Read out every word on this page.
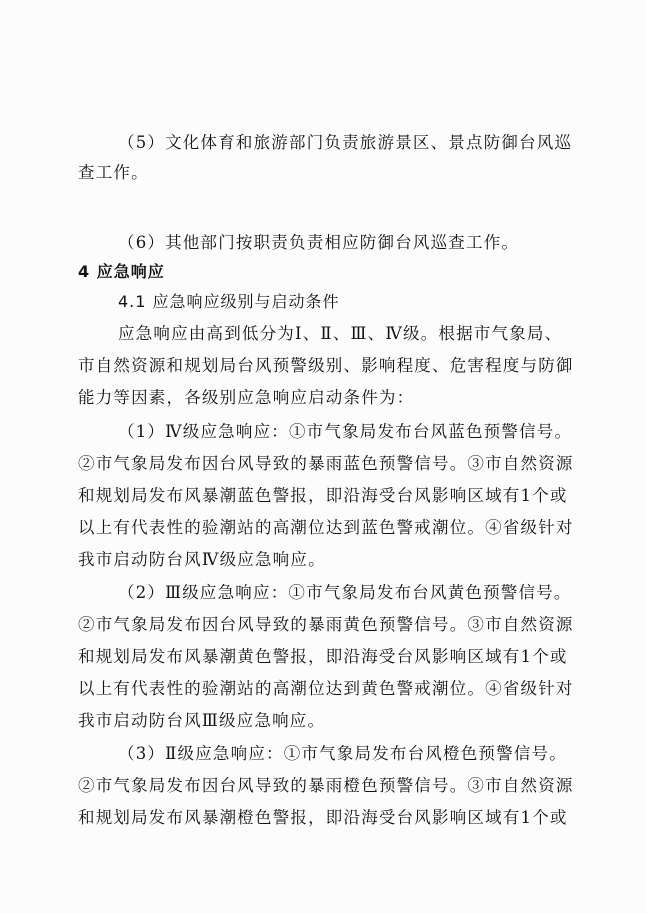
（5）文化体育和旅游部门负责旅游景区、景点防御台风巡
查工作。
（6）其他部门按职责负责相应防御台风巡查工作。
4 应急响应
4.1 应急响应级别与启动条件
应急响应由高到低分为Ⅰ、Ⅱ、Ⅲ、Ⅳ级。根据市气象局、
市自然资源和规划局台风预警级别、影响程度、危害程度与防御
能力等因素，各级别应急响应启动条件为：
（1）Ⅳ级应急响应：①市气象局发布台风蓝色预警信号。
②市气象局发布因台风导致的暴雨蓝色预警信号。③市自然资源
和规划局发布风暴潮蓝色警报，即沿海受台风影响区域有1个或
以上有代表性的验潮站的高潮位达到蓝色警戒潮位。④省级针对
我市启动防台风Ⅳ级应急响应。
（2）Ⅲ级应急响应：①市气象局发布台风黄色预警信号。
②市气象局发布因台风导致的暴雨黄色预警信号。③市自然资源
和规划局发布风暴潮黄色警报，即沿海受台风影响区域有1个或
以上有代表性的验潮站的高潮位达到黄色警戒潮位。④省级针对
我市启动防台风Ⅲ级应急响应。
（3）Ⅱ级应急响应：①市气象局发布台风橙色预警信号。
②市气象局发布因台风导致的暴雨橙色预警信号。③市自然资源
和规划局发布风暴潮橙色警报，即沿海受台风影响区域有1个或
